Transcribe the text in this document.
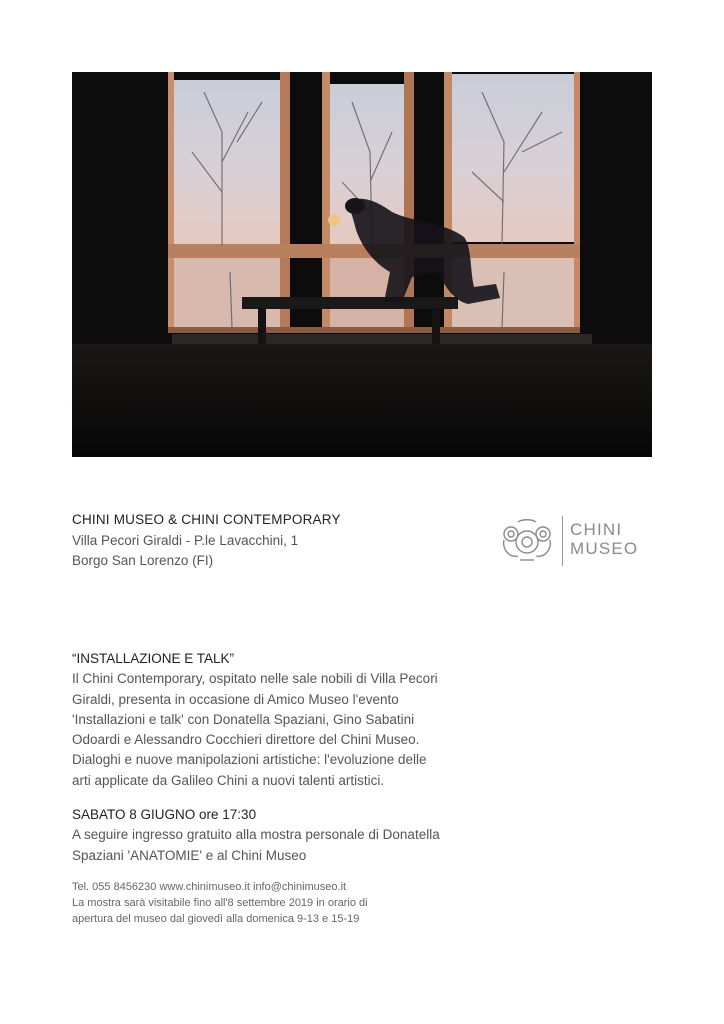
CHINI MUSEO & CHINI CONTEMPORARY
Villa Pecori Giraldi - P.le Lavacchini, 1
Borgo San Lorenzo (FI)
CHINI
MUSEO
“INSTALLAZIONE E TALK”
Il Chini Contemporary, ospitato nelle sale nobili di Villa Pecori
Giraldi, presenta in occasione di Amico Museo l'evento
'Installazioni e talk' con Donatella Spaziani, Gino Sabatini
Odoardi e Alessandro Cocchieri direttore del Chini Museo.
Dialoghi e nuove manipolazioni artistiche: l'evoluzione delle
arti applicate da Galileo Chini a nuovi talenti artistici.
SABATO 8 GIUGNO ore 17:30
A seguire ingresso gratuito alla mostra personale di Donatella
Spaziani 'ANATOMIE' e al Chini Museo
Tel. 055 8456230 www.chinimuseo.it info@chinimuseo.it
La mostra sarà visitabile fino all'8 settembre 2019 in orario di
apertura del museo dal giovedì alla domenica 9-13 e 15-19
